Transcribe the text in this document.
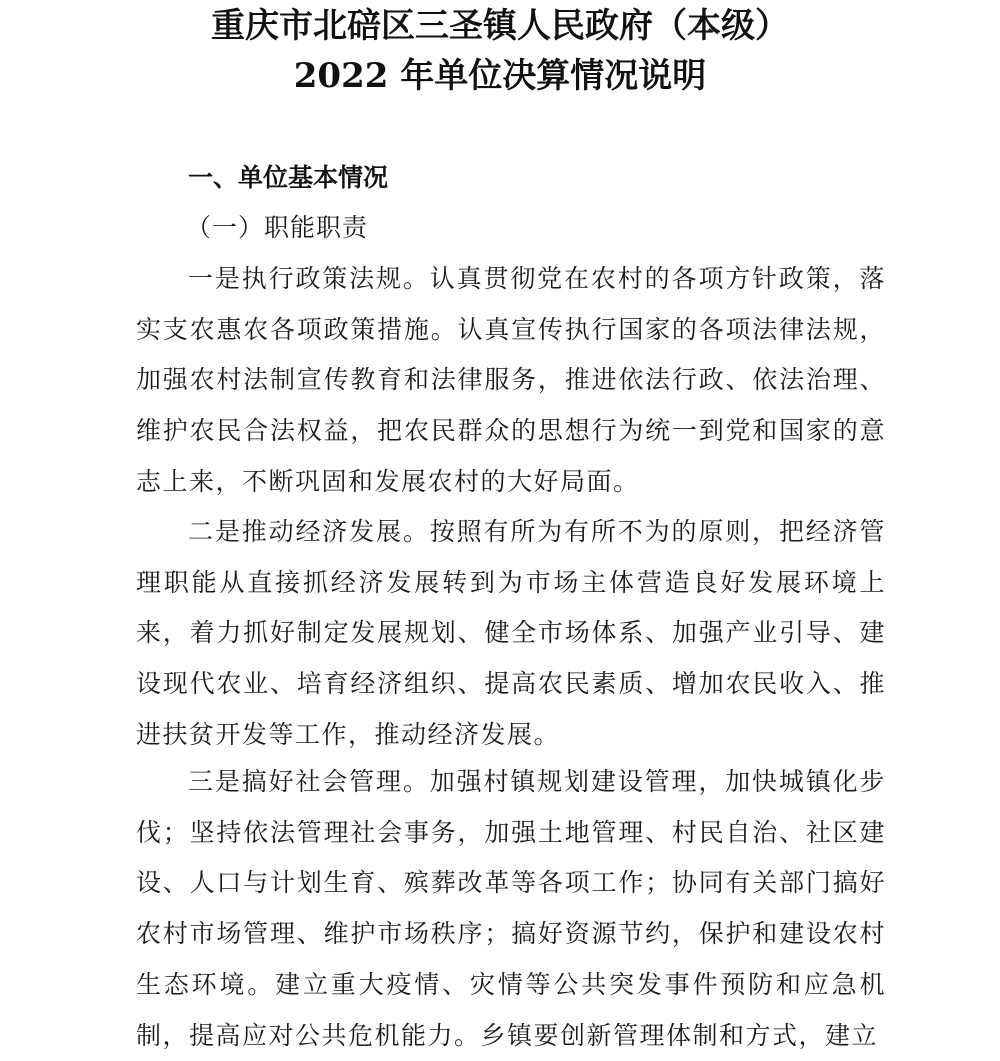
重庆市北碚区三圣镇人民政府（本级）
2022 年单位决算情况说明
一、单位基本情况
（一）职能职责

一是执行政策法规。认真贯彻党在农村的各项方针政策，落实支农惠农各项政策措施。认真宣传执行国家的各项法律法规，加强农村法制宣传教育和法律服务，推进依法行政、依法治理、维护农民合法权益，把农民群众的思想行为统一到党和国家的意志上来，不断巩固和发展农村的大好局面。

二是推动经济发展。按照有所为有所不为的原则，把经济管理职能从直接抓经济发展转到为市场主体营造良好发展环境上来，着力抓好制定发展规划、健全市场体系、加强产业引导、建设现代农业、培育经济组织、提高农民素质、增加农民收入、推进扶贫开发等工作，推动经济发展。

三是搞好社会管理。加强村镇规划建设管理，加快城镇化步伐；坚持依法管理社会事务，加强土地管理、村民自治、社区建设、人口与计划生育、殡葬改革等各项工作；协同有关部门搞好农村市场管理、维护市场秩序；搞好资源节约，保护和建设农村生态环境。建立重大疫情、灾情等公共突发事件预防和应急机制，提高应对公共危机能力。乡镇要创新管理体制和方式，建立
